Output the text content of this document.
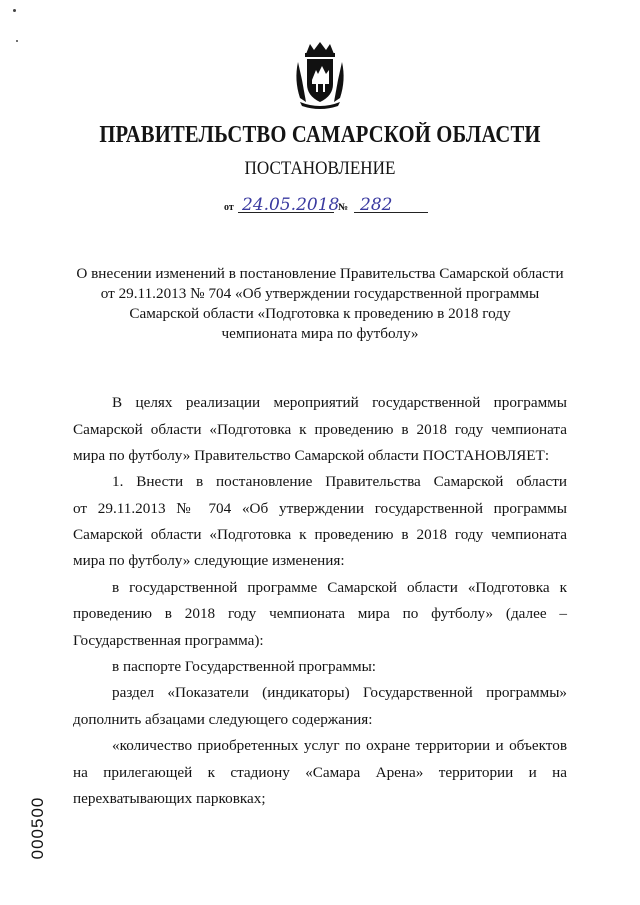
ПРАВИТЕЛЬСТВО САМАРСКОЙ ОБЛАСТИ
ПОСТАНОВЛЕНИЕ
от 24.05.2018
№ 282
О внесении изменений в постановление Правительства Самарской области
от 29.11.2013 № 704 «Об утверждении государственной программы
Самарской области «Подготовка к проведению в 2018 году
чемпионата мира по футболу»
В целях реализации мероприятий государственной программы
Самарской области «Подготовка к проведению в 2018 году чемпионата
мира по футболу» Правительство Самарской области ПОСТАНОВЛЯЕТ:
1. Внести в постановление Правительства Самарской области
от 29.11.2013 № 704 «Об утверждении государственной программы
Самарской области «Подготовка к проведению в 2018 году чемпионата
мира по футболу» следующие изменения:
в государственной программе Самарской области «Подготовка к
проведению в 2018 году чемпионата мира по футболу» (далее –
Государственная программа):
в паспорте Государственной программы:
раздел «Показатели (индикаторы) Государственной программы»
дополнить абзацами следующего содержания:
«количество приобретенных услуг по охране территории и объектов
на прилегающей к стадиону «Самара Арена» территории и на
перехватывающих парковках;
000500
